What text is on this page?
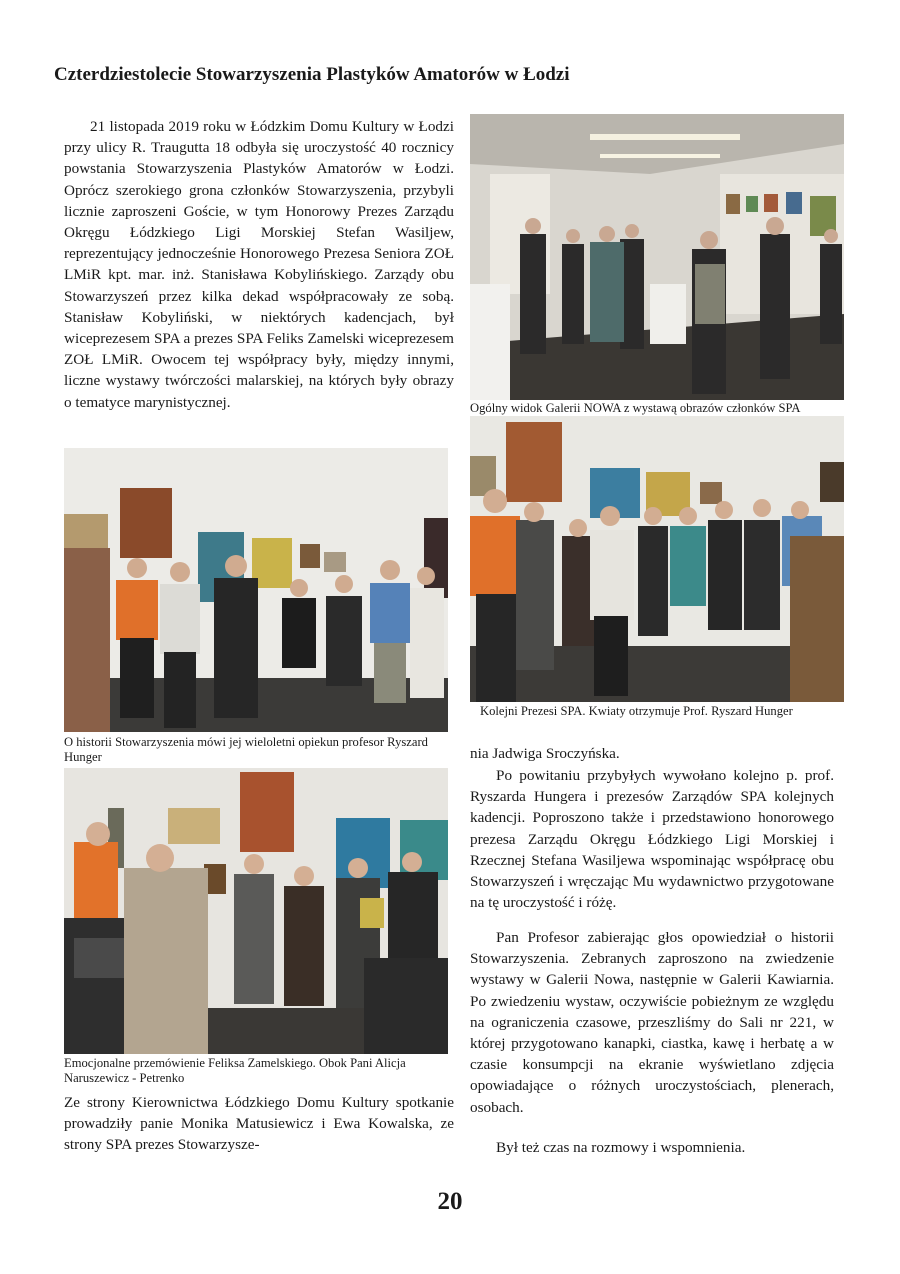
Czterdziestolecie Stowarzyszenia Plastyków Amatorów w Łodzi

21 listopada 2019 roku w Łódzkim Domu Kultury w Łodzi przy ulicy R. Traugutta 18 odbyła się uroczystość 40 rocznicy powstania Stowarzyszenia Plastyków Amatorów w Łodzi. Oprócz szerokiego grona członków Stowarzyszenia, przybyli licznie zaproszeni Goście, w tym Honorowy Prezes Zarządu Okręgu Łódzkiego Ligi Morskiej Stefan Wasiljew, reprezentujący jednocześnie Honorowego Prezesa Seniora ZOŁ LMiR kpt. mar. inż. Stanisława Kobylińskiego. Zarządy obu Stowarzyszeń przez kilka dekad współpracowały ze sobą. Stanisław Kobyliński, w niektórych kadencjach, był wiceprezesem SPA a prezes SPA Feliks Zamelski wiceprezesem ZOŁ LMiR. Owocem tej współpracy były, między innymi, liczne wystawy twórczości malarskiej, na których były obrazy o tematyce marynistycznej.	Ogólny widok Galerii NOWA z wystawą obrazów członków SPA

O historii Stowarzyszenia mówi jej wieloletni opiekun profesor Ryszard Hunger

Kolejni Prezesi SPA. Kwiaty otrzymuje Prof. Ryszard Hunger

Emocjonalne przemówienie Feliksa Zamelskiego. Obok Pani Alicja Naruszewicz - Petrenko

Ze strony Kierownictwa Łódzkiego Domu Kultury spotkanie prowadziły panie Monika Matusiewicz i Ewa Kowalska, ze strony SPA prezes Stowarzysze-

nia Jadwiga Sroczyńska.

Po powitaniu przybyłych wywołano kolejno p. prof. Ryszarda Hungera i prezesów Zarządów SPA kolejnych kadencji. Poproszono także i przedstawiono honorowego prezesa Zarządu Okręgu Łódzkiego Ligi Morskiej i Rzecznej Stefana Wasiljewa wspominając współpracę obu Stowarzyszeń i wręczając Mu wydawnictwo przygotowane na tę uroczystość i różę.

Pan Profesor zabierając głos opowiedział o historii Stowarzyszenia. Zebranych zaproszono na zwiedzenie wystawy w Galerii Nowa, następnie w Galerii Kawiarnia. Po zwiedzeniu wystaw, oczywiście pobieżnym ze względu na ograniczenia czasowe, przeszliśmy do Sali nr 221, w której przygotowano kanapki, ciastka, kawę i herbatę a w czasie konsumpcji na ekranie wyświetlano zdjęcia opowiadające o różnych uroczystościach, plenerach, osobach.

Był też czas na rozmowy i wspomnienia.

20
